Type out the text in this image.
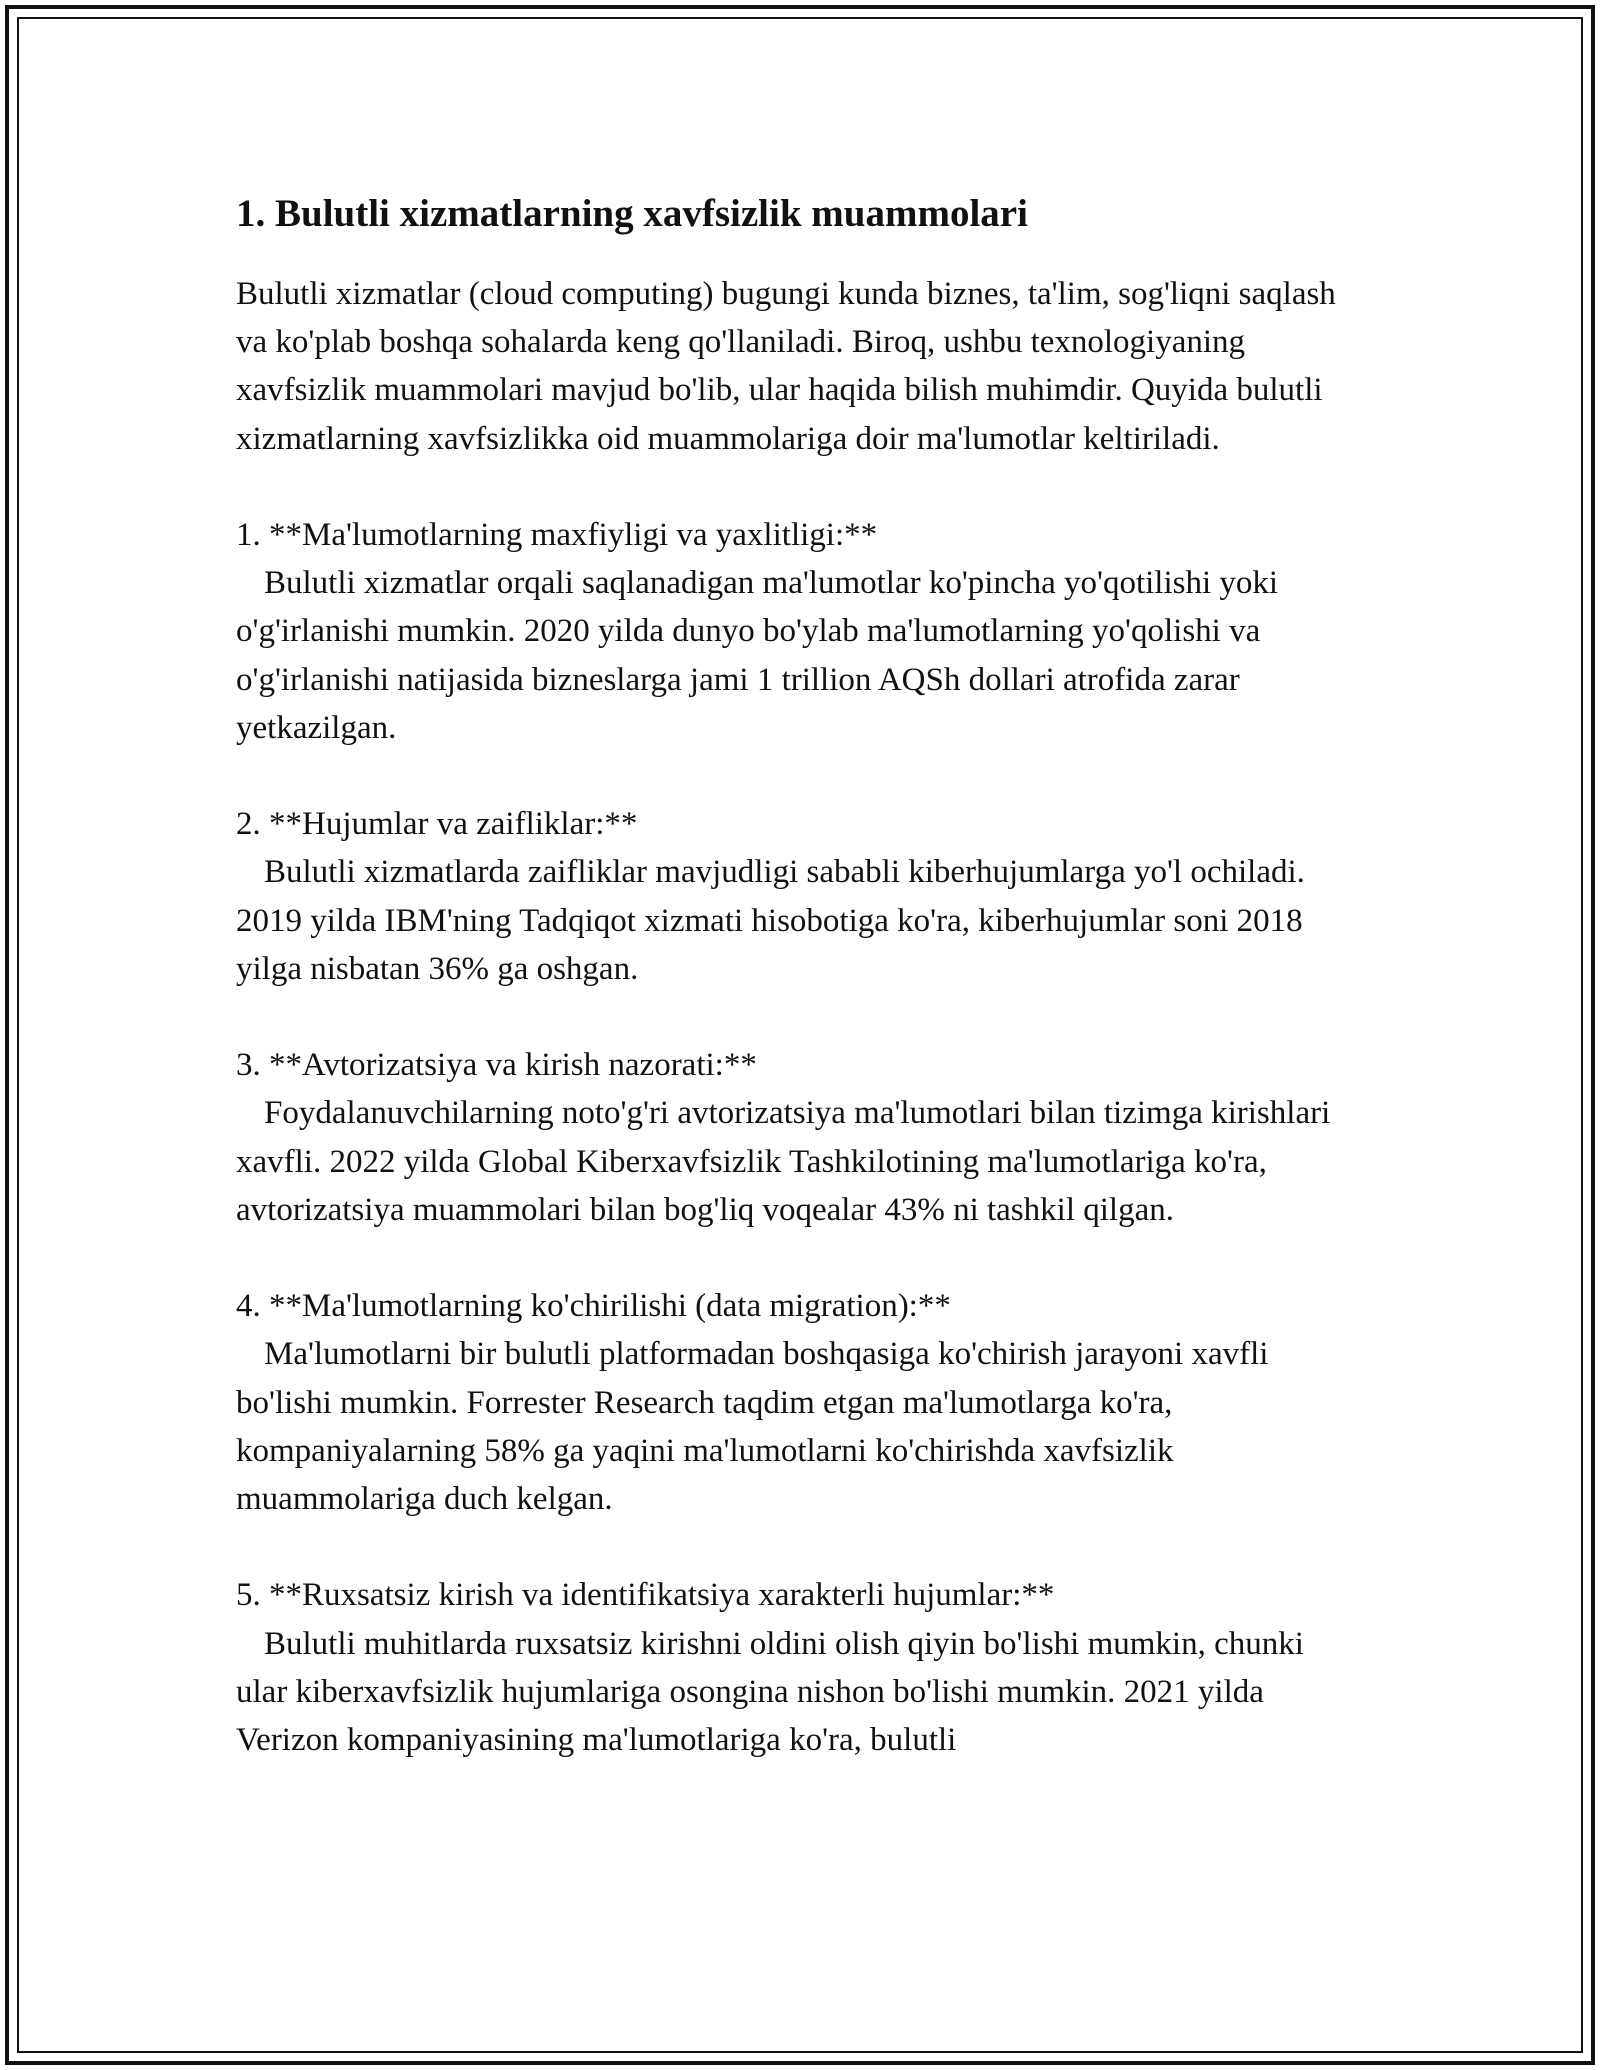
1. Bulutli xizmatlarning xavfsizlik muammolari

Bulutli xizmatlar (cloud computing) bugungi kunda biznes, ta'lim, sog'liqni saqlash va ko'plab boshqa sohalarda keng qo'llaniladi. Biroq, ushbu texnologiyaning xavfsizlik muammolari mavjud bo'lib, ular haqida bilish muhimdir. Quyida bulutli xizmatlarning xavfsizlikka oid muammolariga doir ma'lumotlar keltiriladi.

1. **Ma'lumotlarning maxfiyligi va yaxlitligi:**

Bulutli xizmatlar orqali saqlanadigan ma'lumotlar ko'pincha yo'qotilishi yoki o'g'irlanishi mumkin. 2020 yilda dunyo bo'ylab ma'lumotlarning yo'qolishi va o'g'irlanishi natijasida bizneslarga jami 1 trillion AQSh dollari atrofida zarar yetkazilgan.

2. **Hujumlar va zaifliklar:**

Bulutli xizmatlarda zaifliklar mavjudligi sababli kiberhujumlarga yo'l ochiladi. 2019 yilda IBM'ning Tadqiqot xizmati hisobotiga ko'ra, kiberhujumlar soni 2018 yilga nisbatan 36% ga oshgan.

3. **Avtorizatsiya va kirish nazorati:**

Foydalanuvchilarning noto'g'ri avtorizatsiya ma'lumotlari bilan tizimga kirishlari xavfli. 2022 yilda Global Kiberxavfsizlik Tashkilotining ma'lumotlariga ko'ra, avtorizatsiya muammolari bilan bog'liq voqealar 43% ni tashkil qilgan.

4. **Ma'lumotlarning ko'chirilishi (data migration):**

Ma'lumotlarni bir bulutli platformadan boshqasiga ko'chirish jarayoni xavfli bo'lishi mumkin. Forrester Research taqdim etgan ma'lumotlarga ko'ra, kompaniyalarning 58% ga yaqini ma'lumotlarni ko'chirishda xavfsizlik muammolariga duch kelgan.

5. **Ruxsatsiz kirish va identifikatsiya xarakterli hujumlar:**

Bulutli muhitlarda ruxsatsiz kirishni oldini olish qiyin bo'lishi mumkin, chunki ular kiberxavfsizlik hujumlariga osongina nishon bo'lishi mumkin. 2021 yilda Verizon kompaniyasining ma'lumotlariga ko'ra, bulutli
